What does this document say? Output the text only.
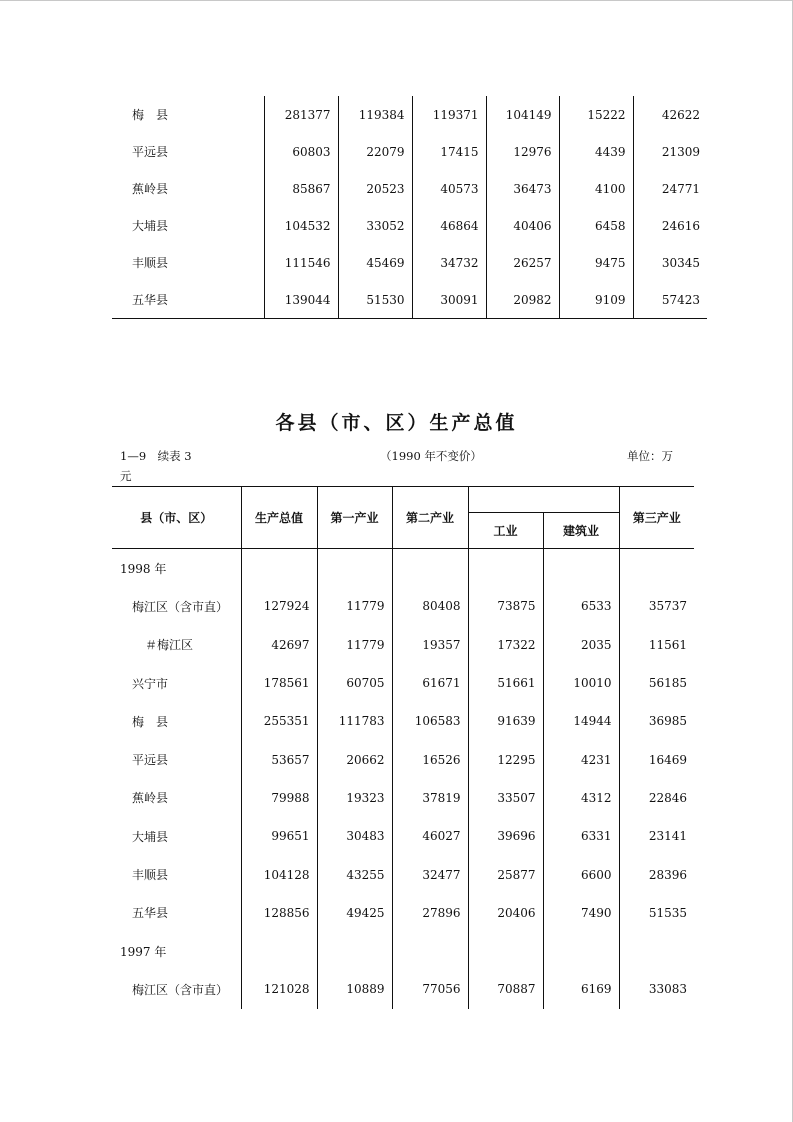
梅　县	281377	119384	119371	104149	15222	42622
平远县	60803	22079	17415	12976	4439	21309
蕉岭县	85867	20523	40573	36473	4100	24771
大埔县	104532	33052	46864	40406	6458	24616
丰顺县	111546	45469	34732	26257	9475	30345
五华县	139044	51530	30091	20982	9109	57423
各县（市、区）生产总值
1—9　续表 3	（1990 年不变价）	单位：万
元
县（市、区）	生产总值	第一产业	第二产业			第三产业
				工业	建筑业	
1998 年						
梅江区（含市直）	127924	11779	80408	73875	6533	35737
＃梅江区	42697	11779	19357	17322	2035	11561
兴宁市	178561	60705	61671	51661	10010	56185
梅　县	255351	111783	106583	91639	14944	36985
平远县	53657	20662	16526	12295	4231	16469
蕉岭县	79988	19323	37819	33507	4312	22846
大埔县	99651	30483	46027	39696	6331	23141
丰顺县	104128	43255	32477	25877	6600	28396
五华县	128856	49425	27896	20406	7490	51535
1997 年						
梅江区（含市直）	121028	10889	77056	70887	6169	33083
